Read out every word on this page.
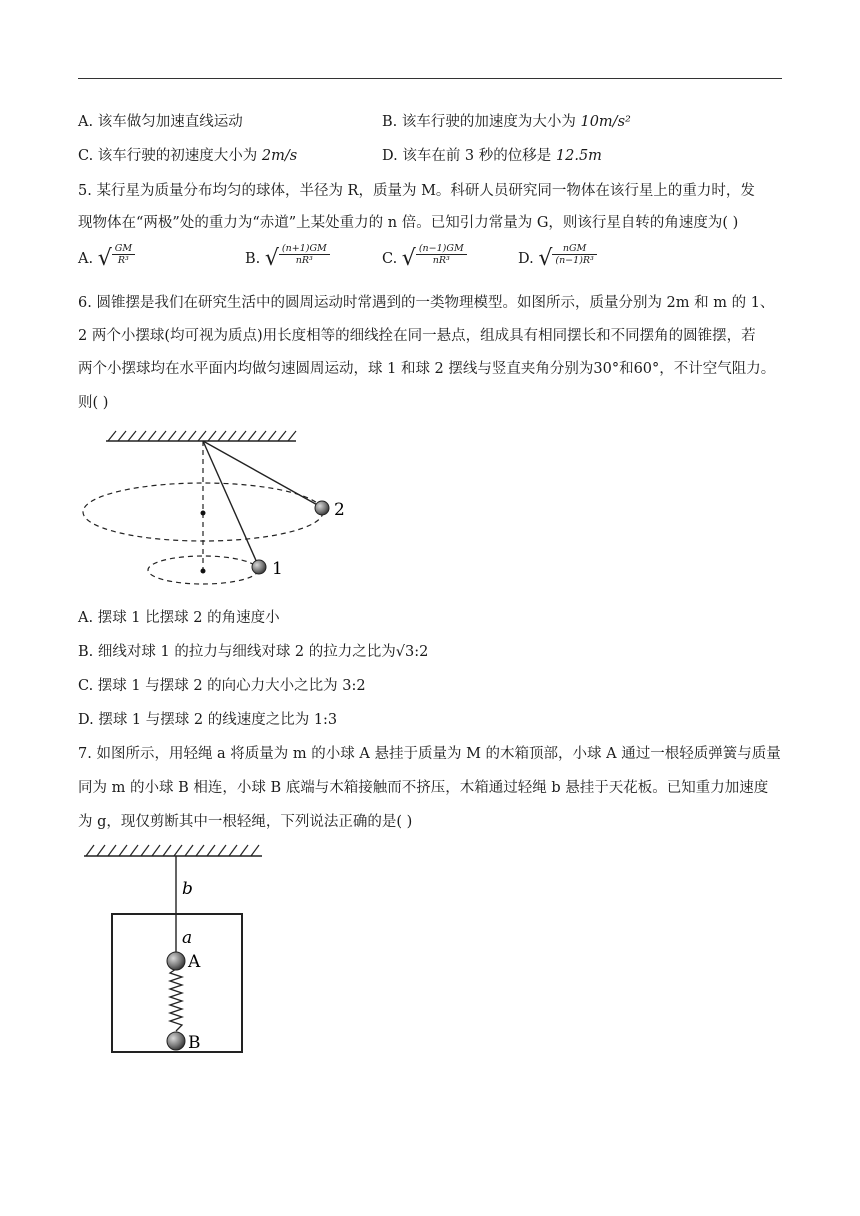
A. 该车做匀加速直线运动	B. 该车行驶的加速度为大小为 10m/s²
C. 该车行驶的初速度大小为 2m/s	D. 该车在前 3 秒的位移是 12.5m
5. 某行星为质量分布均匀的球体，半径为 R，质量为 M。科研人员研究同一物体在该行星上的重力时，发
现物体在“两极”处的重力为“赤道”上某处重力的 n 倍。已知引力常量为 G，则该行星自转的角速度为( )
A. √ GM
R³	B. √ (n+1)GM
nR³	C. √ (n−1)GM
nR³	D. √ nGM
(n−1)R³
6. 圆锥摆是我们在研究生活中的圆周运动时常遇到的一类物理模型。如图所示，质量分别为 2m 和 m 的 1、
2 两个小摆球(均可视为质点)用长度相等的细线拴在同一悬点，组成具有相同摆长和不同摆角的圆锥摆，若
两个小摆球均在水平面内均做匀速圆周运动，球 1 和球 2 摆线与竖直夹角分别为30°和60°，不计空气阻力。
则( )
2
1
A. 摆球 1 比摆球 2 的角速度小
B. 细线对球 1 的拉力与细线对球 2 的拉力之比为√3:2
C. 摆球 1 与摆球 2 的向心力大小之比为 3:2
D. 摆球 1 与摆球 2 的线速度之比为 1:3
7. 如图所示，用轻绳 a 将质量为 m 的小球 A 悬挂于质量为 M 的木箱顶部，小球 A 通过一根轻质弹簧与质量
同为 m 的小球 B 相连，小球 B 底端与木箱接触而不挤压，木箱通过轻绳 b 悬挂于天花板。已知重力加速度
为 g，现仅剪断其中一根轻绳，下列说法正确的是( )
b
a
A
B
